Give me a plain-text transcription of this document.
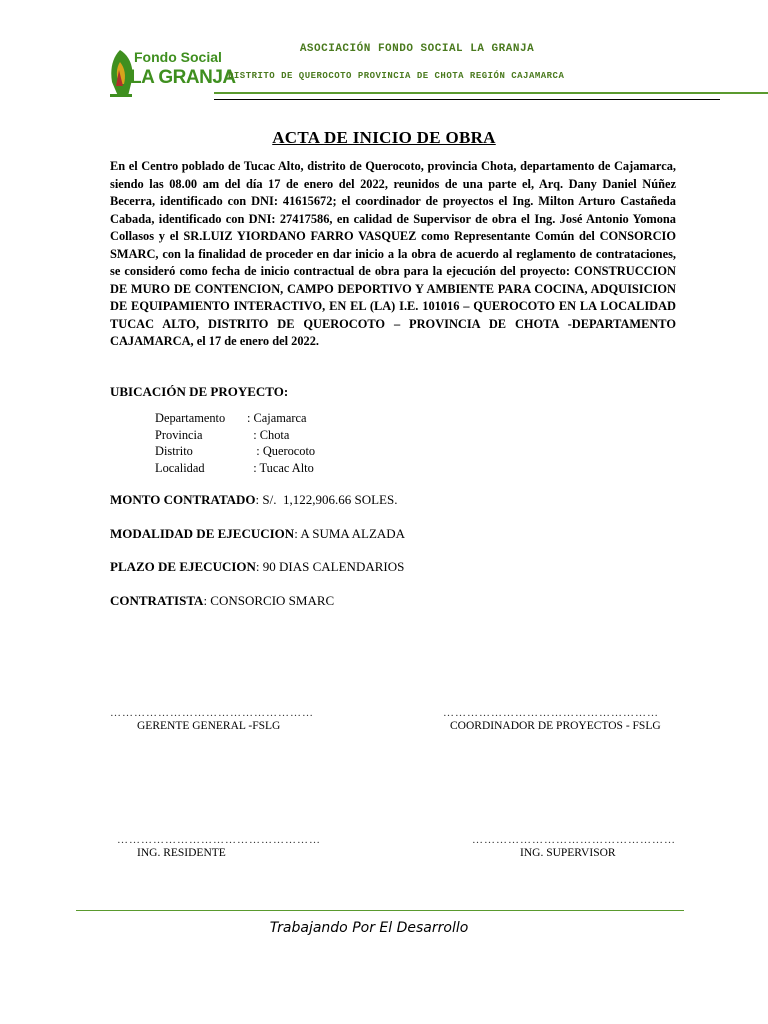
Fondo Social
LA GRANJA
ASOCIACIÓN FONDO SOCIAL LA GRANJA
DISTRITO DE QUEROCOTO PROVINCIA DE CHOTA REGIÓN CAJAMARCA
ACTA DE INICIO DE OBRA
En el Centro poblado de Tucac Alto, distrito de Querocoto, provincia Chota, departamento de Cajamarca, siendo las 08.00 am del día 17 de enero del 2022, reunidos de una parte el, Arq. Dany Daniel Núñez Becerra, identificado con DNI: 41615672; el coordinador de proyectos el Ing. Milton Arturo Castañeda Cabada, identificado con DNI: 27417586, en calidad de Supervisor de obra el Ing. José Antonio Yomona Collasos y el SR.LUIZ YIORDANO FARRO VASQUEZ como Representante Común del CONSORCIO SMARC, con la finalidad de proceder en dar inicio a la obra de acuerdo al reglamento de contrataciones, se consideró como fecha de inicio contractual de obra para la ejecución del proyecto: CONSTRUCCION DE MURO DE CONTENCION, CAMPO DEPORTIVO Y AMBIENTE PARA COCINA, ADQUISICION DE EQUIPAMIENTO INTERACTIVO, EN EL (LA) I.E. 101016 – QUEROCOTO EN LA LOCALIDAD TUCAC ALTO, DISTRITO DE QUEROCOTO – PROVINCIA DE CHOTA -DEPARTAMENTO CAJAMARCA, el 17 de enero del 2022.
UBICACIÓN DE PROYECTO:
Departamento	: Cajamarca
Provincia	: Chota
Distrito	: Querocoto
Localidad	: Tucac Alto
MONTO CONTRATADO: S/.  1,122,906.66 SOLES.
MODALIDAD DE EJECUCION: A SUMA ALZADA
PLAZO DE EJECUCION: 90 DIAS CALENDARIOS
CONTRATISTA: CONSORCIO SMARC
……………………………………………
GERENTE GENERAL -FSLG
………………………………………………
COORDINADOR DE PROYECTOS - FSLG
……………………………………………
ING. RESIDENTE
……………………………………………
ING. SUPERVISOR
Trabajando Por El Desarrollo
